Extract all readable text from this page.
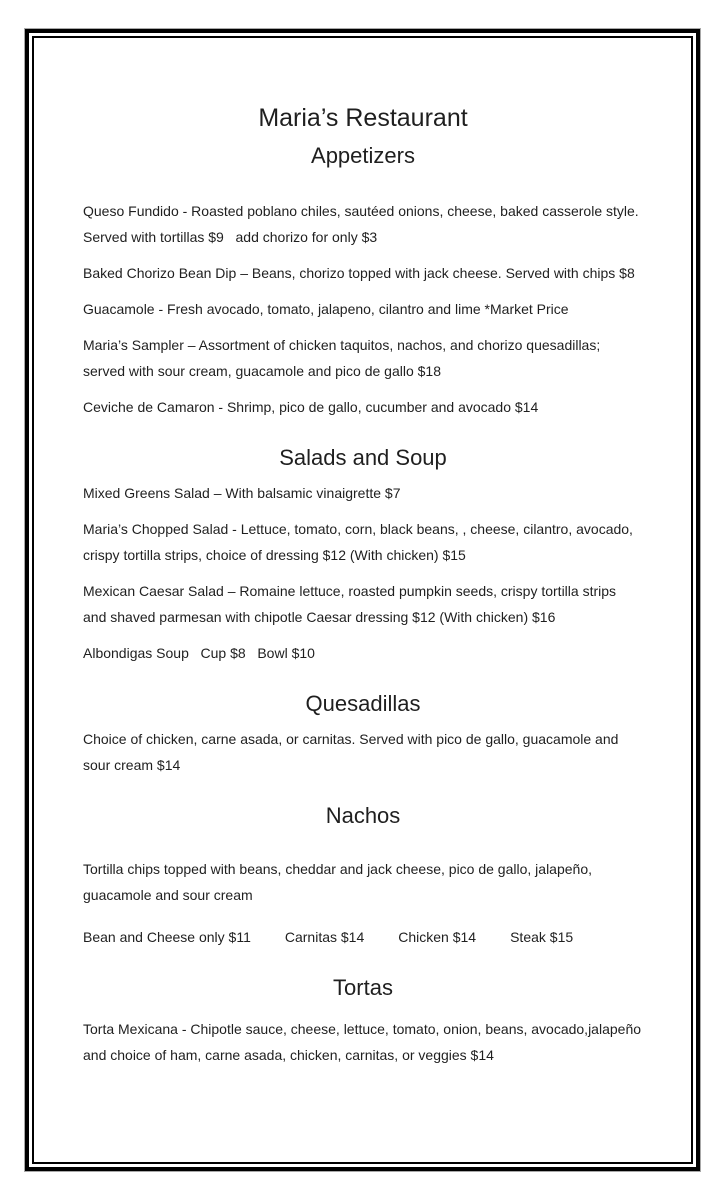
Maria’s Restaurant
Appetizers

Queso Fundido - Roasted poblano chiles, sautéed onions, cheese, baked casserole style. Served with tortillas $9   add chorizo for only $3

Baked Chorizo Bean Dip – Beans, chorizo topped with jack cheese. Served with chips $8

Guacamole - Fresh avocado, tomato, jalapeno, cilantro and lime *Market Price

Maria’s Sampler – Assortment of chicken taquitos, nachos, and chorizo quesadillas; served with sour cream, guacamole and pico de gallo $18

Ceviche de Camaron - Shrimp, pico de gallo, cucumber and avocado $14

Salads and Soup

Mixed Greens Salad – With balsamic vinaigrette $7

Maria’s Chopped Salad - Lettuce, tomato, corn, black beans, , cheese, cilantro, avocado, crispy tortilla strips, choice of dressing $12 (With chicken) $15

Mexican Caesar Salad – Romaine lettuce, roasted pumpkin seeds, crispy tortilla strips and shaved parmesan with chipotle Caesar dressing $12 (With chicken) $16

Albondigas Soup   Cup $8   Bowl $10

Quesadillas

Choice of chicken, carne asada, or carnitas. Served with pico de gallo, guacamole and sour cream $14

Nachos

Tortilla chips topped with beans, cheddar and jack cheese, pico de gallo, jalapeño, guacamole and sour cream

Bean and Cheese only $11 Carnitas $14 Chicken $14 Steak $15
Tortas

Torta Mexicana - Chipotle sauce, cheese, lettuce, tomato, onion, beans, avocado,jalapeño and choice of ham, carne asada, chicken, carnitas, or veggies $14
